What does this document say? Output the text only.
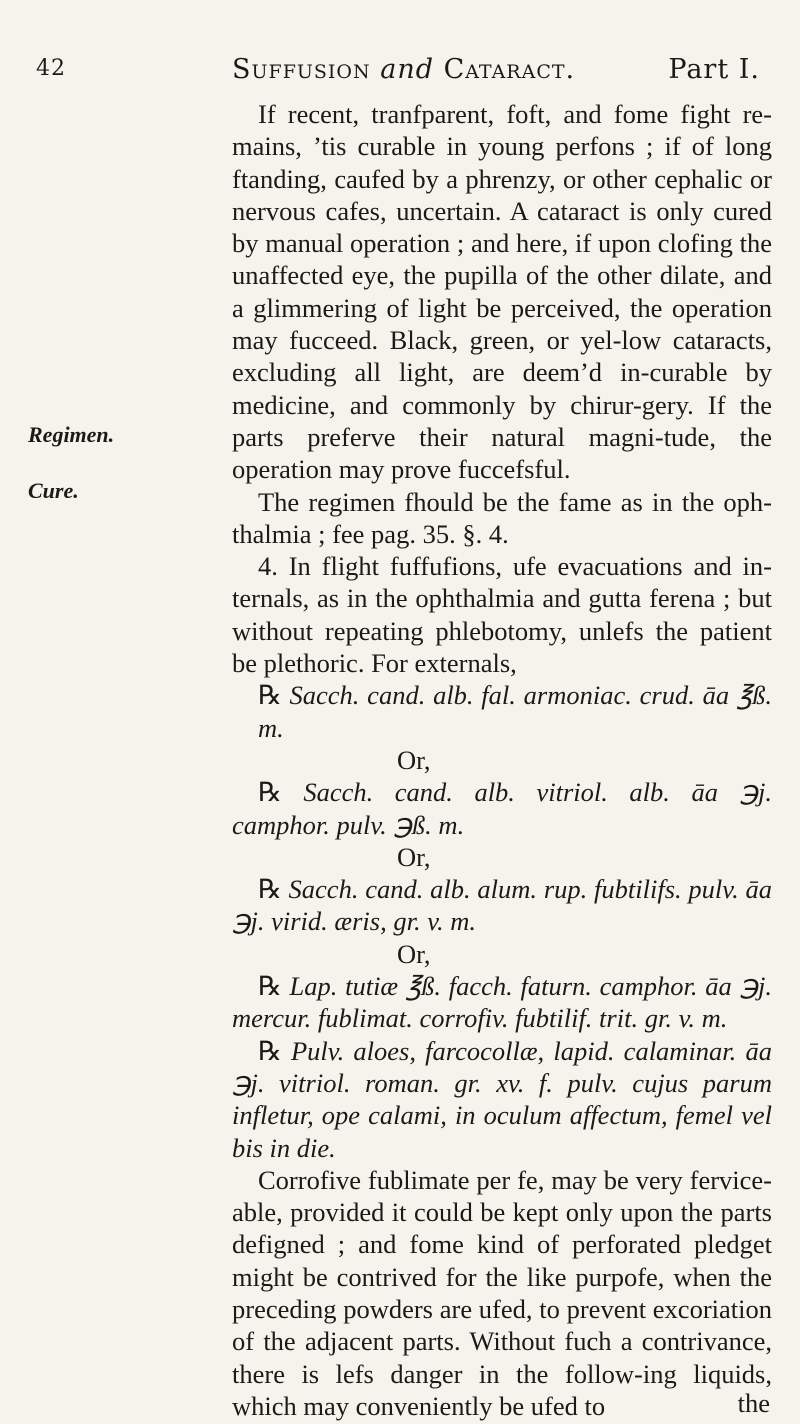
42	Suffusion and Cataract.	Part I.
Regimen.
Cure.

If recent, tranfparent, foft, and fome fight re-mains, ’tis curable in young perfons ; if of long ftanding, caufed by a phrenzy, or other cephalic or nervous cafes, uncertain. A cataract is only cured by manual operation ; and here, if upon clofing the unaffected eye, the pupilla of the other dilate, and a glimmering of light be perceived, the operation may fucceed. Black, green, or yel-low cataracts, excluding all light, are deem’d in-curable by medicine, and commonly by chirur-gery. If the parts preferve their natural magni-tude, the operation may prove fuccefsful.

The regimen fhould be the fame as in the oph-thalmia ; fee pag. 35. §. 4.

4. In flight fuffufions, ufe evacuations and in-ternals, as in the ophthalmia and gutta ferena ; but without repeating phlebotomy, unlefs the patient be plethoric. For externals,

℞ Sacch. cand. alb. fal. armoniac. crud. āa ℥ß. m.

Or,

℞ Sacch. cand. alb. vitriol. alb. āa ℈j. camphor. pulv. ℈ß. m.

Or,

℞ Sacch. cand. alb. alum. rup. fubtilifs. pulv. āa ℈j. virid. æris, gr. v. m.

Or,

℞ Lap. tutiæ ℥ß. facch. faturn. camphor. āa ℈j. mercur. fublimat. corrofiv. fubtilif. trit. gr. v. m.

℞ Pulv. aloes, farcocollæ, lapid. calaminar. āa ℈j. vitriol. roman. gr. xv. f. pulv. cujus parum infletur, ope calami, in oculum affectum, femel vel bis in die.

Corrofive fublimate per fe, may be very fervice-able, provided it could be kept only upon the parts defigned ; and fome kind of perforated pledget might be contrived for the like purpofe, when the preceding powders are ufed, to prevent excoriation of the adjacent parts. Without fuch a contrivance, there is lefs danger in the follow-ing liquids, which may conveniently be ufed to	the
